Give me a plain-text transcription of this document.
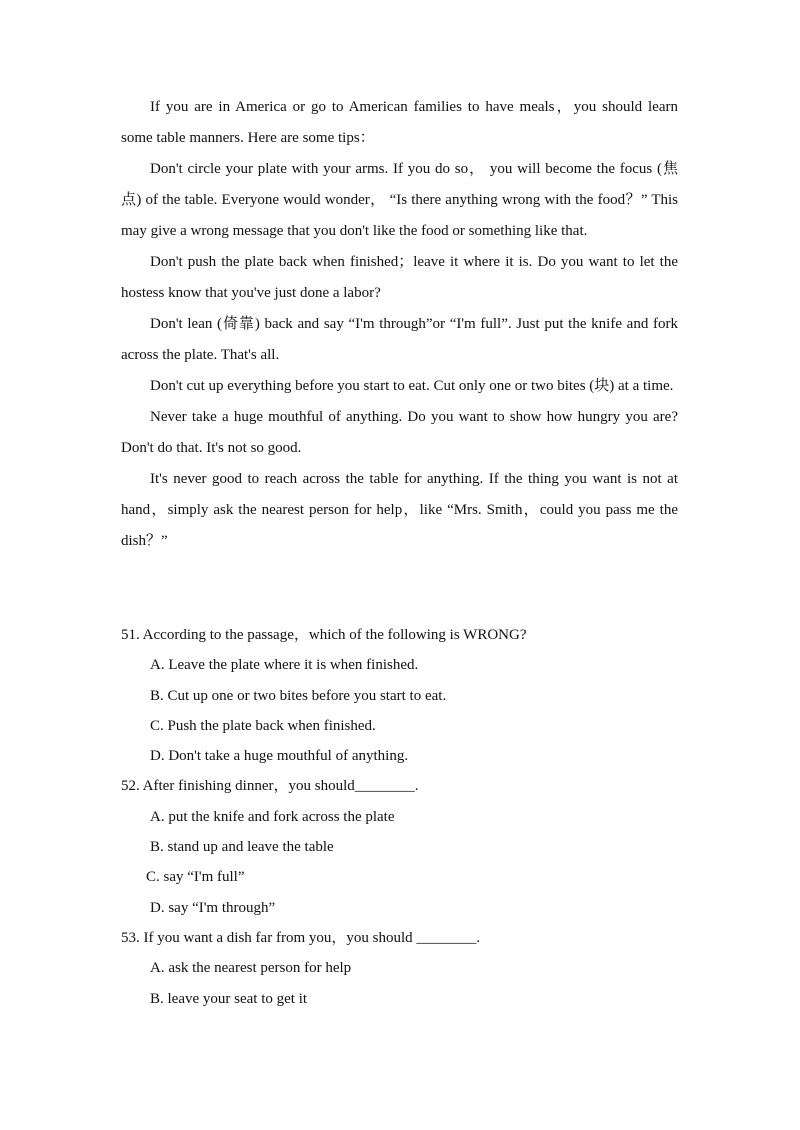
If you are in America or go to American families to have meals，you should learn some table manners. Here are some tips：

Don't circle your plate with your arms. If you do so， you will become the focus (焦点) of the table. Everyone would wonder， “Is there anything wrong with the food？” This may give a wrong message that you don't like the food or something like that.

Don't push the plate back when finished；leave it where it is. Do you want to let the hostess know that you've just done a labor?

Don't lean (倚靠) back and say “I'm through”or “I'm full”. Just put the knife and fork across the plate. That's all.

Don't cut up everything before you start to eat. Cut only one or two bites (块) at a time.

Never take a huge mouthful of anything. Do you want to show how hungry you are? Don't do that. It's not so good.

It's never good to reach across the table for anything. If the thing you want is not at hand，simply ask the nearest person for help，like “Mrs. Smith，could you pass me the dish？”

51. According to the passage，which of the following is WRONG?
A. Leave the plate where it is when finished.
B. Cut up one or two bites before you start to eat.
C. Push the plate back when finished.
D. Don't take a huge mouthful of anything.
52. After finishing dinner，you should________.
A. put the knife and fork across the plate
B. stand up and leave the table
C. say “I'm full”
D. say “I'm through”
53. If you want a dish far from you，you should ________.
A. ask the nearest person for help
B. leave your seat to get it
